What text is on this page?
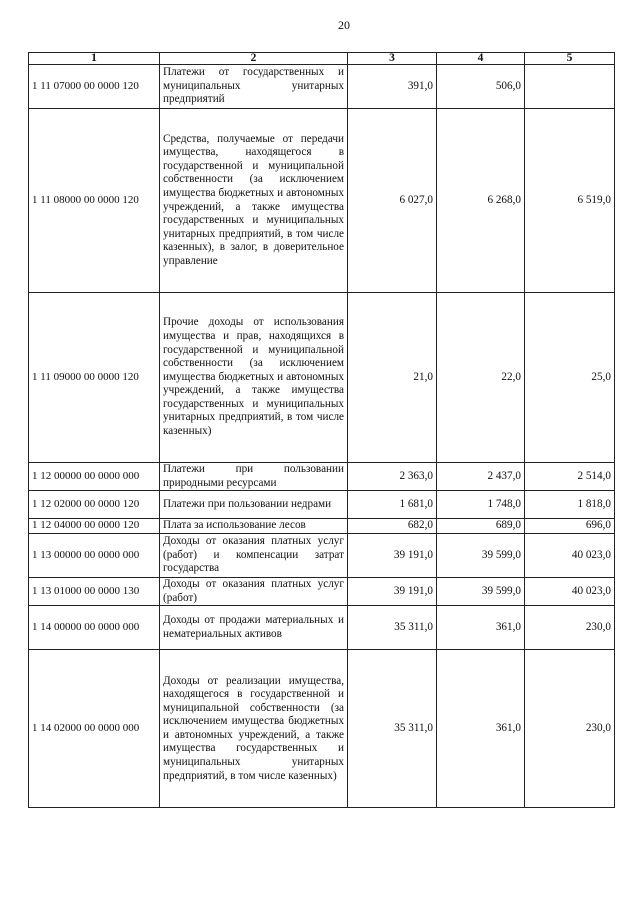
20
1	2	3	4	5
1 11 07000 00 0000 120	Платежи от государственных и муниципальных унитарных предприятий	391,0	506,0	
1 11 08000 00 0000 120	Средства, получаемые от передачи имущества, находящегося в государственной и муниципальной собственности (за исключением имущества бюджетных и автономных учреждений, а также имущества государственных и муниципальных унитарных предприятий, в том числе казенных), в залог, в доверительное управление	6 027,0	6 268,0	6 519,0
1 11 09000 00 0000 120	Прочие доходы от использования имущества и прав, находящихся в государственной и муниципальной собственности (за исключением имущества бюджетных и автономных учреждений, а также имущества государственных и муниципальных унитарных предприятий, в том числе казенных)	21,0	22,0	25,0
1 12 00000 00 0000 000	Платежи при пользовании природными ресурсами	2 363,0	2 437,0	2 514,0
1 12 02000 00 0000 120	Платежи при пользовании недрами	1 681,0	1 748,0	1 818,0
1 12 04000 00 0000 120	Плата за использование лесов	682,0	689,0	696,0
1 13 00000 00 0000 000	Доходы от оказания платных услуг (работ) и компенсации затрат государства	39 191,0	39 599,0	40 023,0
1 13 01000 00 0000 130	Доходы от оказания платных услуг (работ)	39 191,0	39 599,0	40 023,0
1 14 00000 00 0000 000	Доходы от продажи материальных и нематериальных активов	35 311,0	361,0	230,0
1 14 02000 00 0000 000	Доходы от реализации имущества, находящегося в государственной и муниципальной собственности (за исключением имущества бюджетных и автономных учреждений, а также имущества государственных и муниципальных унитарных предприятий, в том числе казенных)	35 311,0	361,0	230,0
